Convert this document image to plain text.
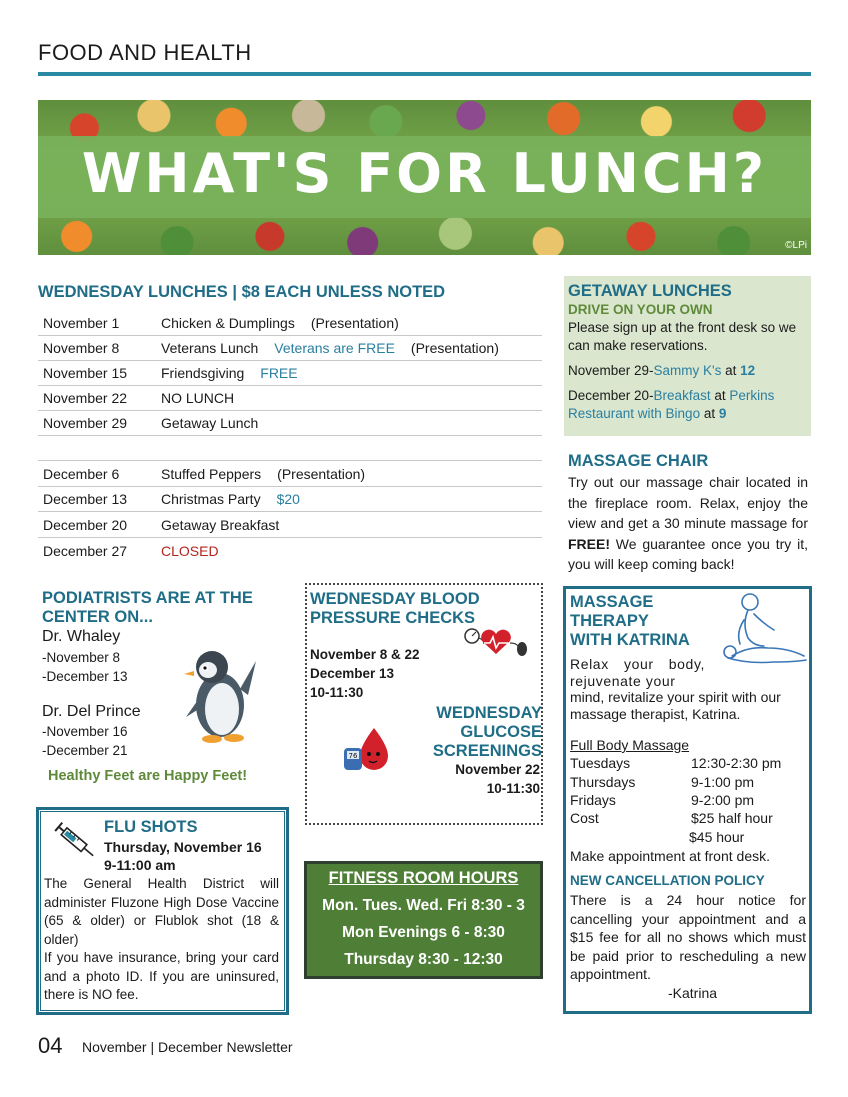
FOOD AND HEALTH
WHAT'S FOR LUNCH?
©LPi
WEDNESDAY LUNCHES | $8 EACH UNLESS NOTED
November 1	Chicken & Dumplings (Presentation)
November 8	Veterans Lunch Veterans are FREE (Presentation)
November 15 Friendsgiving FREE
November 22 NO LUNCH
November 29 Getaway Lunch
December 6	Stuffed Peppers (Presentation)
December 13 Christmas Party $20
December 20 Getaway Breakfast
December 27 CLOSED
GETAWAY LUNCHES
DRIVE ON YOUR OWN
Please sign up at the front desk so we can make reservations.
November 29-Sammy K's at 12
December 20-Breakfast at Perkins Restaurant with Bingo at 9
MASSAGE CHAIR
Try out our massage chair located in the fireplace room. Relax, enjoy the view and get a 30 minute massage for FREE! We guarantee once you try it, you will keep coming back!
PODIATRISTS ARE AT THE CENTER ON...
Dr. Whaley
-November 8
-December 13
Dr. Del Prince
-November 16
-December 21
Healthy Feet are Happy Feet!
WEDNESDAY BLOOD PRESSURE CHECKS
November 8 & 22
December 13
10-11:30
WEDNESDAY GLUCOSE SCREENINGS
November 22
10-11:30
76
FLU SHOTS
Thursday, November 16
9-11:00 am
The General Health District will administer Fluzone High Dose Vaccine (65 & older) or Flublok shot (18 & older)
If you have insurance, bring your card and a photo ID. If you are uninsured, there is NO fee.
FITNESS ROOM HOURS
Mon. Tues. Wed. Fri 8:30 - 3
Mon Evenings 6 - 8:30
Thursday 8:30 - 12:30
MASSAGE
THERAPY
WITH KATRINA
Relax your body, rejuvenate your
mind, revitalize your spirit with our massage therapist, Katrina.
Full Body Massage
Tuesdays	12:30-2:30 pm
Thursdays	9-1:00 pm
Fridays	9-2:00 pm
Cost	$25 half hour
$45 hour
Make appointment at front desk.
NEW CANCELLATION POLICY
There is a 24 hour notice for cancelling your appointment and a $15 fee for all no shows which must be paid prior to rescheduling a new appointment.
-Katrina
04 November | December Newsletter
